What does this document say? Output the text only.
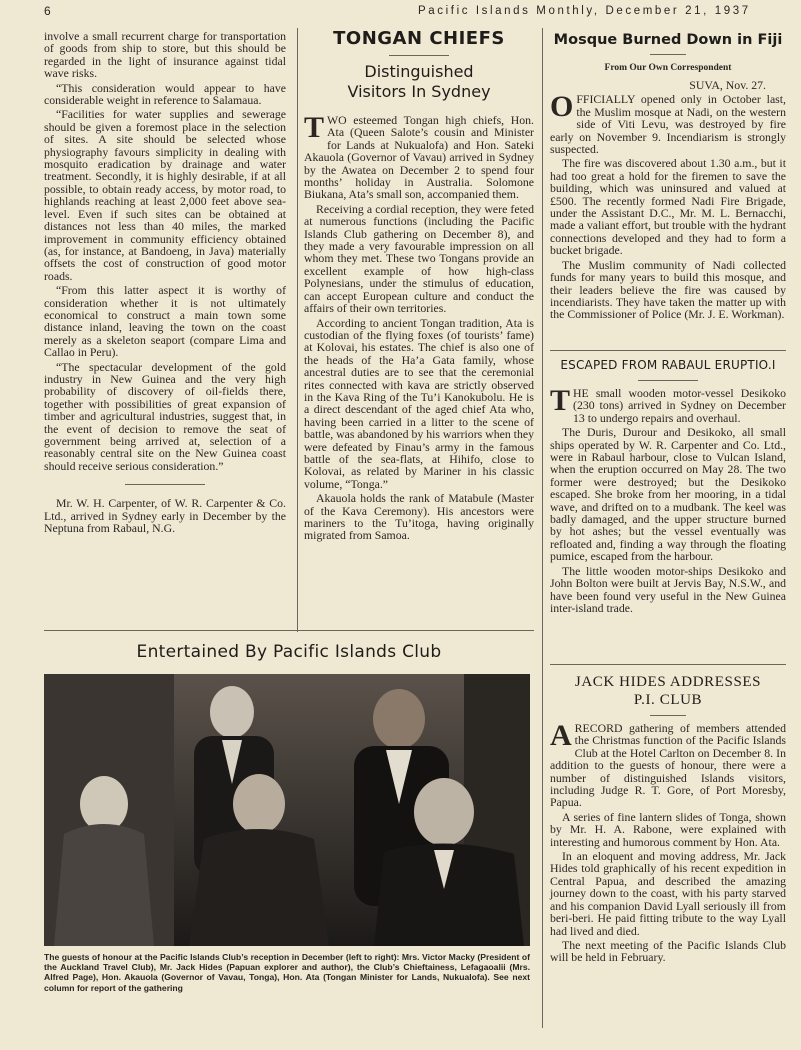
6	Pacific Islands Monthly, December 21, 1937

involve a small recurrent charge for transportation of goods from ship to store, but this should be regarded in the light of insurance against tidal wave risks.

“This consideration would appear to have considerable weight in reference to Salamaua.

“Facilities for water supplies and sewerage should be given a foremost place in the selection of sites. A site should be selected whose physiography favours simplicity in dealing with mosquito eradication by drainage and water treatment. Secondly, it is highly desirable, if at all possible, to obtain ready access, by motor road, to highlands reaching at least 2,000 feet above sea-level. Even if such sites can be obtained at distances not less than 40 miles, the marked improvement in community efficiency obtained (as, for instance, at Bandoeng, in Java) materially offsets the cost of construction of good motor roads.

“From this latter aspect it is worthy of consideration whether it is not ultimately economical to construct a main town some distance inland, leaving the town on the coast merely as a skeleton seaport (compare Lima and Callao in Peru).

“The spectacular development of the gold industry in New Guinea and the very high probability of discovery of oil-fields there, together with possibilities of great expansion of timber and agricultural industries, suggest that, in the event of decision to remove the seat of government being arrived at, selection of a reasonably central site on the New Guinea coast should receive serious consideration.”

Mr. W. H. Carpenter, of W. R. Carpenter & Co. Ltd., arrived in Sydney early in December by the Neptuna from Rabaul, N.G.

TONGAN CHIEFS
Distinguished Visitors In Sydney
T WO esteemed Tongan high chiefs, Hon. Ata (Queen Salote’s cousin and Minister for Lands at Nukualofa) and Hon. Sateki Akauola (Governor of Vavau) arrived in Sydney by the Awatea on December 2 to spend four months’ holiday in Australia. Solomone Biukana, Ata’s small son, accompanied them.

Receiving a cordial reception, they were feted at numerous functions (including the Pacific Islands Club gathering on December 8), and they made a very favourable impression on all whom they met. These two Tongans provide an excellent example of how high-class Polynesians, under the stimulus of education, can accept European culture and conduct the affairs of their own territories.

According to ancient Tongan tradition, Ata is custodian of the flying foxes (of tourists’ fame) at Kolovai, his estates. The chief is also one of the heads of the Ha’a Gata family, whose ancestral duties are to see that the ceremonial rites connected with kava are strictly observed in the Kava Ring of the Tu’i Kanokubolu. He is a direct descendant of the aged chief Ata who, having been carried in a litter to the scene of battle, was abandoned by his warriors when they were defeated by Finau’s army in the famous battle of the sea-flats, at Hihifo, close to Kolovai, as related by Mariner in his classic volume, “Tonga.”

Akauola holds the rank of Matabule (Master of the Kava Ceremony). His ancestors were mariners to the Tu’itoga, having originally migrated from Samoa.

Mosque Burned Down in Fiji
From Our Own Correspondent

SUVA, Nov. 27.

O FFICIALLY opened only in October last, the Muslim mosque at Nadi, on the western side of Viti Levu, was destroyed by fire early on November 9. Incendiarism is strongly suspected.

The fire was discovered about 1.30 a.m., but it had too great a hold for the firemen to save the building, which was uninsured and valued at £500. The recently formed Nadi Fire Brigade, under the Assistant D.C., Mr. M. L. Bernacchi, made a valiant effort, but trouble with the hydrant connections developed and they had to form a bucket brigade.

The Muslim community of Nadi collected funds for many years to build this mosque, and their leaders believe the fire was caused by incendiarists. They have taken the matter up with the Commissioner of Police (Mr. J. E. Workman).

ESCAPED FROM RABAUL ERUPTIO.I
T HE small wooden motor-vessel Desikoko (230 tons) arrived in Sydney on December 13 to undergo repairs and overhaul.

The Duris, Durour and Desikoko, all small ships operated by W. R. Carpenter and Co. Ltd., were in Rabaul harbour, close to Vulcan Island, when the eruption occurred on May 28. The two former were destroyed; but the Desikoko escaped. She broke from her mooring, in a tidal wave, and drifted on to a mudbank. The keel was badly damaged, and the upper structure burned by hot ashes; but the vessel eventually was refloated and, finding a way through the floating pumice, escaped from the harbour.

The little wooden motor-ships Desikoko and John Bolton were built at Jervis Bay, N.S.W., and have been found very useful in the New Guinea inter-island trade.

Entertained By Pacific Islands Club
The guests of honour at the Pacific Islands Club’s reception in December (left to right): Mrs. Victor Macky (President of the Auckland Travel Club), Mr. Jack Hides (Papuan explorer and author), the Club’s Chieftainess, Lefagaoalii (Mrs. Alfred Page), Hon. Akauola (Governor of Vavau, Tonga), Hon. Ata (Tongan Minister for Lands, Nukualofa). See next column for report of the gathering
JACK HIDES ADDRESSES
P.I. CLUB
A RECORD gathering of members attended the Christmas function of the Pacific Islands Club at the Hotel Carlton on December 8. In addition to the guests of honour, there were a number of distinguished Islands visitors, including Judge R. T. Gore, of Port Moresby, Papua.

A series of fine lantern slides of Tonga, shown by Mr. H. A. Rabone, were explained with interesting and humorous comment by Hon. Ata.

In an eloquent and moving address, Mr. Jack Hides told graphically of his recent expedition in Central Papua, and described the amazing journey down to the coast, with his party starved and his companion David Lyall seriously ill from beri-beri. He paid fitting tribute to the way Lyall had lived and died.

The next meeting of the Pacific Islands Club will be held in February.
